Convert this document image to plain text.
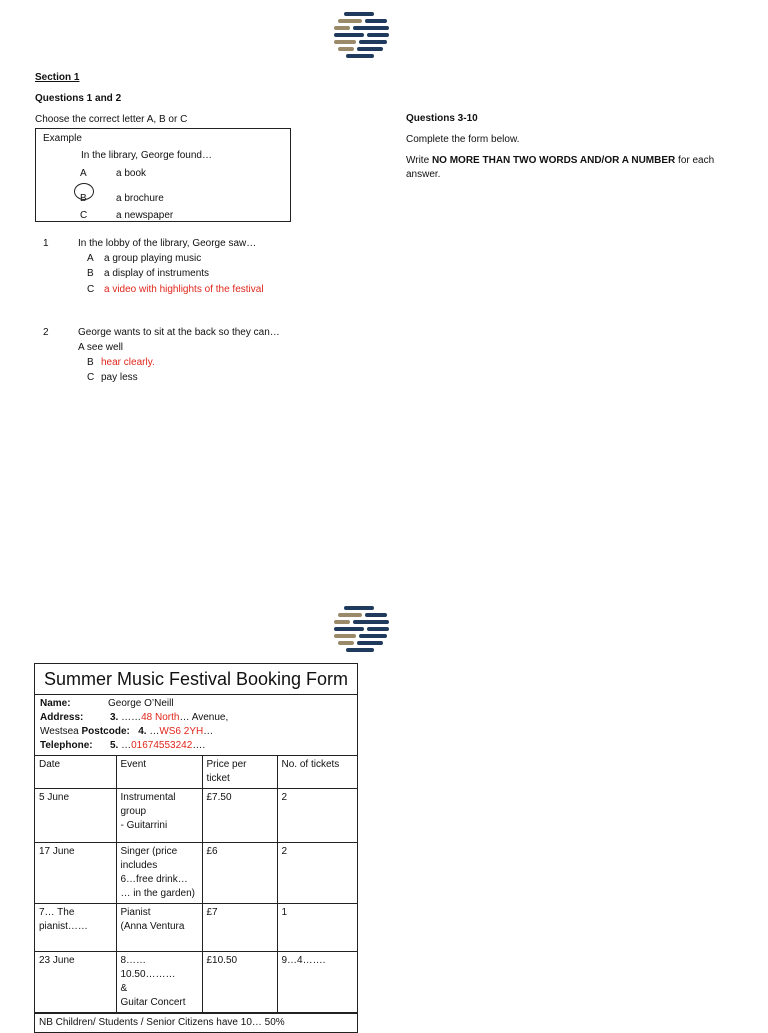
Section 1
Questions 1 and 2
Choose the correct letter A, B or C
Example
In the library, George found…
A	a book
B	a brochure
C	a newspaper
1	In the lobby of the library, George saw…
A a group playing music
B a display of instruments
C a video with highlights of the festival
2	George wants to sit at the back so they can…
A see well
B hear clearly.
C pay less
Questions 3-10
Complete the form below.
Write NO MORE THAN TWO WORDS AND/OR A NUMBER for each answer.
Summer Music Festival Booking Form
Name:	George O’Neill
Address:	3. ……48 North… Avenue,
Westsea Postcode: 4. …WS6 2YH…
Telephone: 5. …01674553242….
Date	Event	Price per ticket	No. of tickets
5 June	Instrumental group
- Guitarrini	£7.50	2
17 June	Singer (price includes
6…free drink…
… in the garden)	£6	2
7… The pianist……	Pianist
(Anna Ventura	£7	1
23 June	8……10.50………
&
Guitar Concert	£10.50	9…4…….
NB Children/ Students / Senior Citizens have 10… 50%
